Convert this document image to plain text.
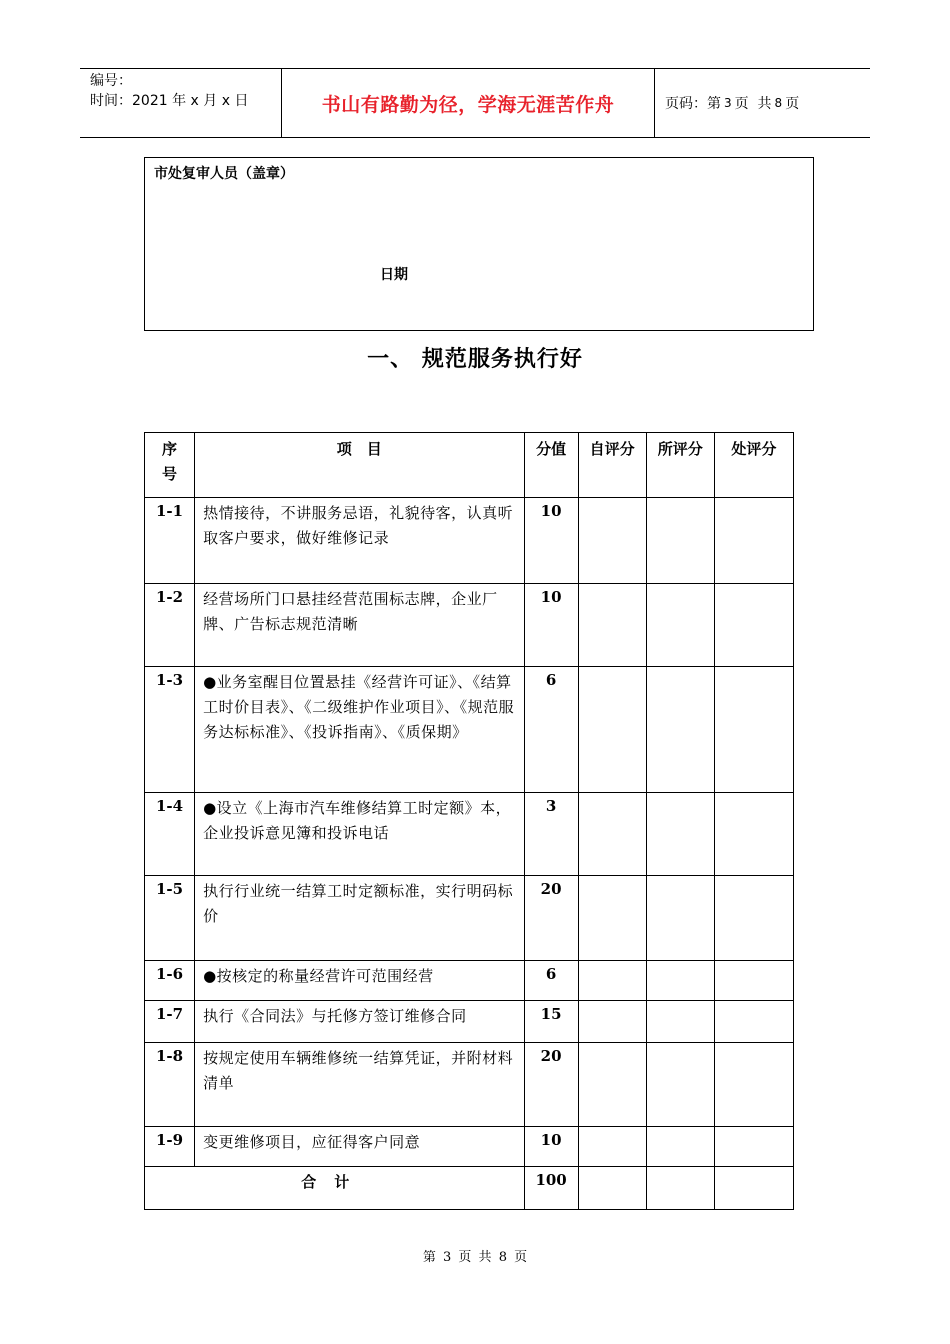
编号：
时间：2021 年 x 月 x 日	书山有路勤为径，学海无涯苦作舟	页码：第 3 页  共 8 页
市处复审人员（盖章）
日期
一、 规范服务执行好
序号	项　目	分值	自评分	所评分	处评分
1-1	热情接待，不讲服务忌语，礼貌待客，认真听取客户要求，做好维修记录	10			
1-2	经营场所门口悬挂经营范围标志牌，企业厂牌、广告标志规范清晰	10			
1-3	●业务室醒目位置悬挂《经营许可证》、《结算工时价目表》、《二级维护作业项目》、《规范服务达标标准》、《投诉指南》、《质保期》	6			
1-4	●设立《上海市汽车维修结算工时定额》本，企业投诉意见簿和投诉电话	3			
1-5	执行行业统一结算工时定额标准，实行明码标价	20			
1-6	●按核定的称量经营许可范围经营	6			
1-7	执行《合同法》与托修方签订维修合同	15			
1-8	按规定使用车辆维修统一结算凭证，并附材料清单	20			
1-9	变更维修项目，应征得客户同意	10			
合计		100			
第 3 页 共 8 页
